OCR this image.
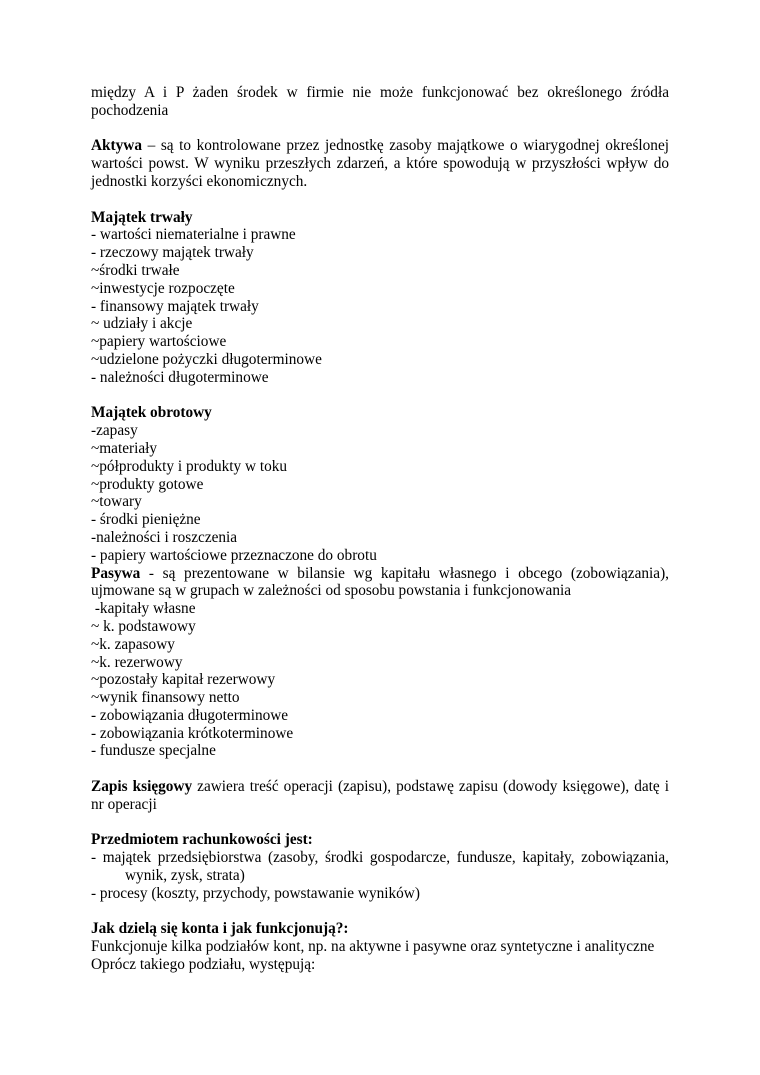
między A i P żaden środek w firmie nie może funkcjonować bez określonego źródła
pochodzenia
Aktywa – są to kontrolowane przez jednostkę zasoby majątkowe o wiarygodnej określonej
wartości powst. W wyniku przeszłych zdarzeń, a które spowodują w przyszłości wpływ do
jednostki korzyści ekonomicznych.
Majątek trwały
- wartości niematerialne i prawne
- rzeczowy majątek trwały
~środki trwałe
~inwestycje rozpoczęte
- finansowy majątek trwały
~ udziały i akcje
~papiery wartościowe
~udzielone pożyczki długoterminowe
- należności długoterminowe
Majątek obrotowy
-zapasy
~materiały
~półprodukty i produkty w toku
~produkty gotowe
~towary
- środki pieniężne
-należności i roszczenia
- papiery wartościowe przeznaczone do obrotu
Pasywa - są prezentowane w bilansie wg kapitału własnego i obcego (zobowiązania),
ujmowane są w grupach w zależności od sposobu powstania i funkcjonowania
-kapitały własne
~ k. podstawowy
~k. zapasowy
~k. rezerwowy
~pozostały kapitał rezerwowy
~wynik finansowy netto
- zobowiązania długoterminowe
- zobowiązania krótkoterminowe
- fundusze specjalne
Zapis księgowy zawiera treść operacji (zapisu), podstawę zapisu (dowody księgowe), datę i
nr operacji
Przedmiotem rachunkowości jest:
- majątek przedsiębiorstwa (zasoby, środki gospodarcze, fundusze, kapitały, zobowiązania,
wynik, zysk, strata)
- procesy (koszty, przychody, powstawanie wyników)
Jak dzielą się konta i jak funkcjonują?:
Funkcjonuje kilka podziałów kont, np. na aktywne i pasywne oraz syntetyczne i analityczne
Oprócz takiego podziału, występują:
